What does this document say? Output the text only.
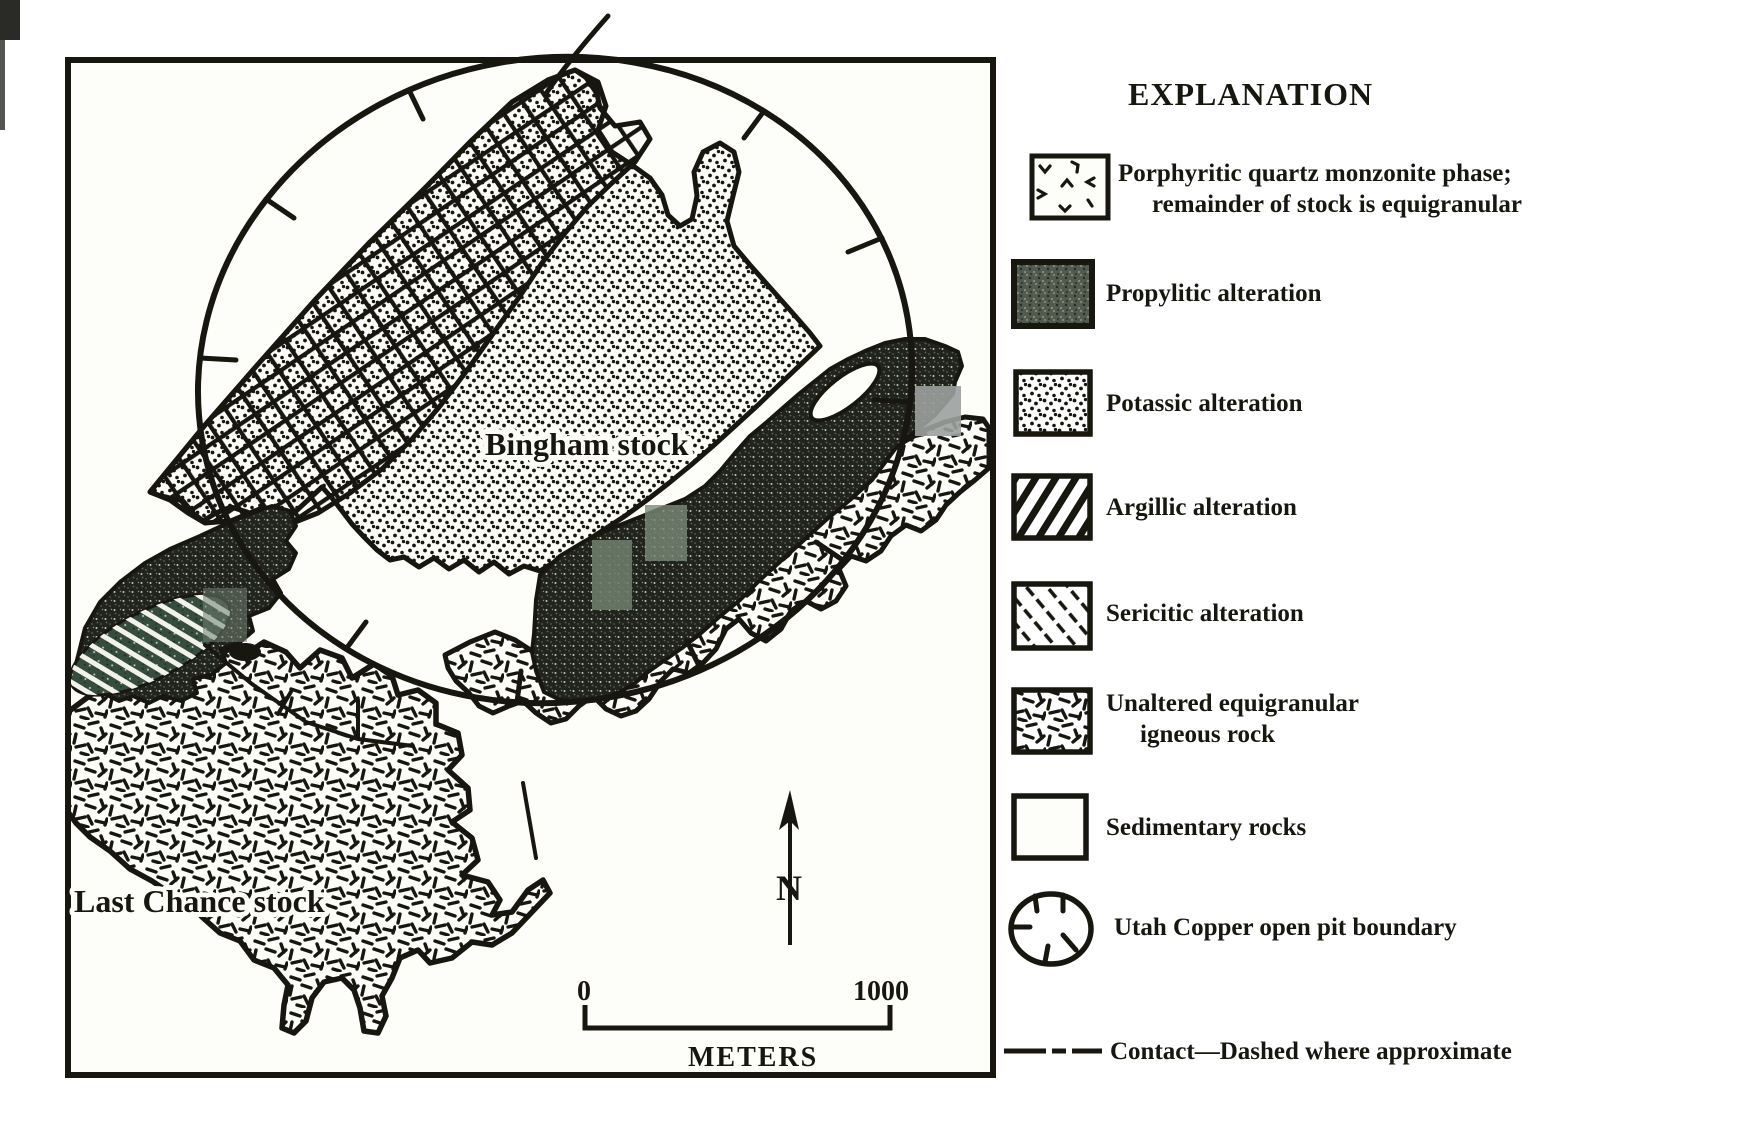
Bingham stock
Last Chance stock	N
0	1000
METERS
EXPLANATION
Porphyritic quartz monzonite phase;
remainder of stock is equigranular
Propylitic alteration
Potassic alteration
Argillic alteration
Sericitic alteration
Unaltered equigranular
igneous rock
Sedimentary rocks
Utah Copper open pit boundary
Contact—Dashed where approximate
